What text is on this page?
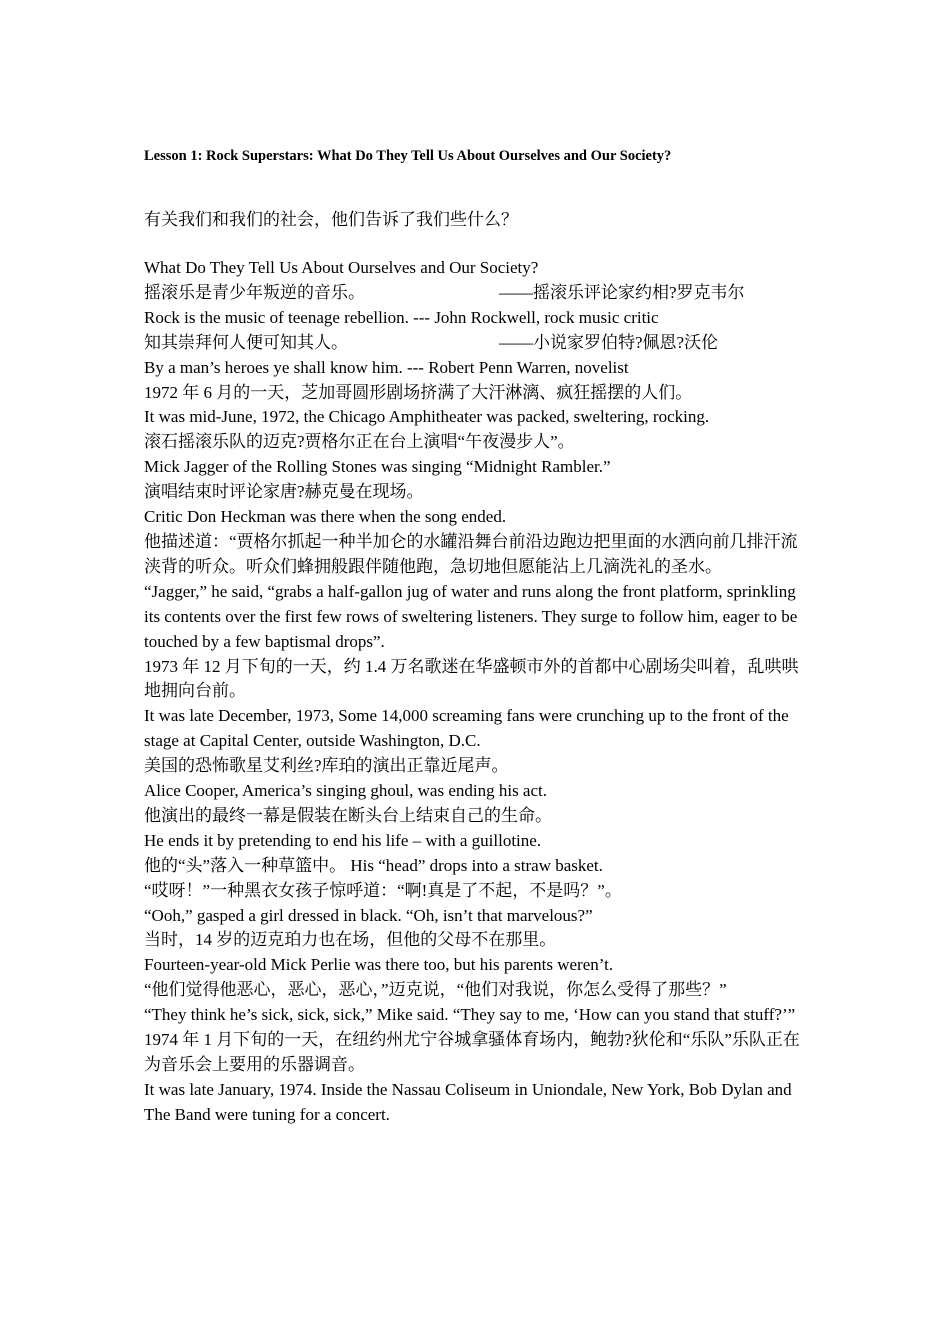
Lesson 1: Rock Superstars: What Do They Tell Us About Ourselves and Our Society?
有关我们和我们的社会，他们告诉了我们些什么？

What Do They Tell Us About Ourselves and Our Society?

摇滚乐是青少年叛逆的音乐。	——摇滚乐评论家约相?罗克韦尔

Rock is the music of teenage rebellion. --- John Rockwell, rock music critic

知其崇拜何人便可知其人。	——小说家罗伯特?佩恩?沃伦

By a man’s heroes ye shall know him. --- Robert Penn Warren, novelist

1972 年 6 月的一天，芝加哥圆形剧场挤满了大汗淋漓、疯狂摇摆的人们。

It was mid-June, 1972, the Chicago Amphitheater was packed, sweltering, rocking.

滚石摇滚乐队的迈克?贾格尔正在台上演唱“午夜漫步人”。

Mick Jagger of the Rolling Stones was singing “Midnight Rambler.”

演唱结束时评论家唐?赫克曼在现场。

Critic Don Heckman was there when the song ended.

他描述道：“贾格尔抓起一种半加仑的水罐沿舞台前沿边跑边把里面的水洒向前几排汗流浃背的听众。听众们蜂拥般跟伴随他跑，急切地但愿能沾上几滴洗礼的圣水。

“Jagger,” he said, “grabs a half-gallon jug of water and runs along the front platform, sprinkling its contents over the first few rows of sweltering listeners. They surge to follow him, eager to be touched by a few baptismal drops”.

1973 年 12 月下旬的一天，约 1.4 万名歌迷在华盛顿市外的首都中心剧场尖叫着，乱哄哄地拥向台前。

It was late December, 1973, Some 14,000 screaming fans were crunching up to the front of the stage at Capital Center, outside Washington, D.C.

美国的恐怖歌星艾利丝?库珀的演出正靠近尾声。

Alice Cooper, America’s singing ghoul, was ending his act.

他演出的最终一幕是假装在断头台上结束自己的生命。

He ends it by pretending to end his life – with a guillotine.

他的“头”落入一种草篮中。 His “head” drops into a straw basket.

“哎呀！”一种黑衣女孩子惊呼道：“啊!真是了不起，不是吗？”。

“Ooh,” gasped a girl dressed in black. “Oh, isn’t that marvelous?”

当时，14 岁的迈克珀力也在场，但他的父母不在那里。

Fourteen-year-old Mick Perlie was there too, but his parents weren’t.

“他们觉得他恶心，恶心，恶心，”迈克说，“他们对我说，你怎么受得了那些？”

“They think he’s sick, sick, sick,” Mike said. “They say to me, ‘How can you stand that stuff?’”

1974 年 1 月下旬的一天，在纽约州尤宁谷城拿骚体育场内，鲍勃?狄伦和“乐队”乐队正在为音乐会上要用的乐器调音。

It was late January, 1974. Inside the Nassau Coliseum in Uniondale, New York, Bob Dylan and The Band were tuning for a concert.
